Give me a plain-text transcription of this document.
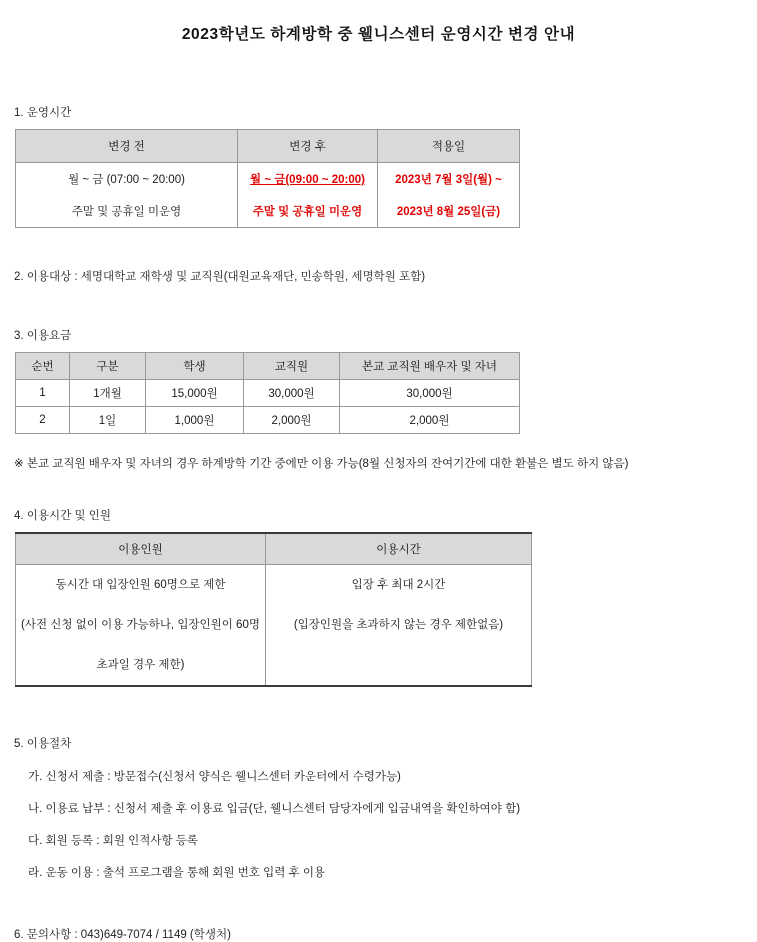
2023학년도 하계방학 중 웰니스센터 운영시간 변경 안내
1. 운영시간
변경 전	변경 후	적용일
월 ~ 금 (07:00 ~ 20:00)	월 ~ 금(09:00 ~ 20:00)	2023년 7월 3일(월) ~
주말 및 공휴일 미운영	주말 및 공휴일 미운영	2023년 8월 25일(금)
2. 이용대상 : 세명대학교 재학생 및 교직원(대원교육재단, 민송학원, 세명학원 포함)
3. 이용요금
순번	구분	학생	교직원	본교 교직원 배우자 및 자녀
1	1개월	15,000원	30,000원	30,000원
2	1일	1,000원	2,000원	2,000원
※ 본교 교직원 배우자 및 자녀의 경우 하계방학 기간 중에만 이용 가능(8월 신청자의 잔여기간에 대한 환불은 별도 하지 않음)
4. 이용시간 및 인원
이용인원	이용시간
동시간 대 입장인원 60명으로 제한	입장 후 최대 2시간
(사전 신청 없이 이용 가능하나, 입장인원이 60명	(입장인원을 초과하지 않는 경우 제한없음)
초과일 경우 제한)	
5. 이용절차
가. 신청서 제출 : 방문접수(신청서 양식은 웰니스센터 카운터에서 수령가능)
나. 이용료 납부 : 신청서 제출 후 이용료 입금(단, 웰니스센터 담당자에게 입금내역을 확인하여야 함)
다. 회원 등록 : 회원 인적사항 등록
라. 운동 이용 : 출석 프로그램을 통해 회원 번호 입력 후 이용
6. 문의사항 : 043)649-7074 / 1149 (학생처)
